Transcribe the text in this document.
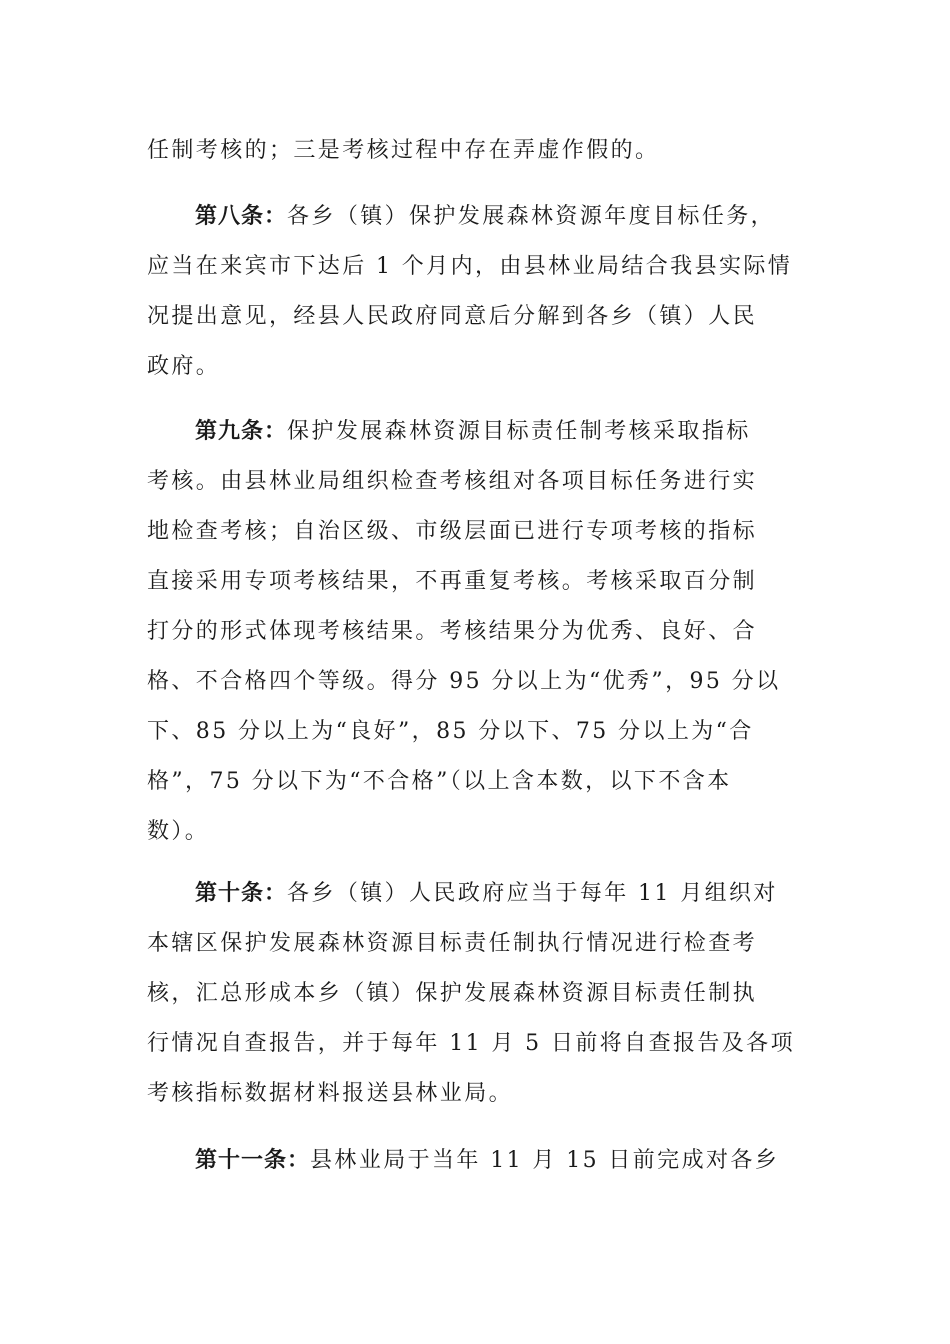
任制考核的；三是考核过程中存在弄虚作假的。
第八条：各乡（镇）保护发展森林资源年度目标任务，
应当在来宾市下达后 1 个月内，由县林业局结合我县实际情
况提出意见，经县人民政府同意后分解到各乡（镇）人民
政府。
第九条：保护发展森林资源目标责任制考核采取指标
考核。由县林业局组织检查考核组对各项目标任务进行实
地检查考核；自治区级、市级层面已进行专项考核的指标
直接采用专项考核结果，不再重复考核。考核采取百分制
打分的形式体现考核结果。考核结果分为优秀、良好、合
格、不合格四个等级。得分 95 分以上为“优秀”，95 分以
下、85 分以上为“良好”，85 分以下、75 分以上为“合
格”，75 分以下为“不合格”（以上含本数，以下不含本
数）。
第十条：各乡（镇）人民政府应当于每年 11 月组织对
本辖区保护发展森林资源目标责任制执行情况进行检查考
核，汇总形成本乡（镇）保护发展森林资源目标责任制执
行情况自查报告，并于每年 11 月 5 日前将自查报告及各项
考核指标数据材料报送县林业局。
第十一条：县林业局于当年 11 月 15 日前完成对各乡
